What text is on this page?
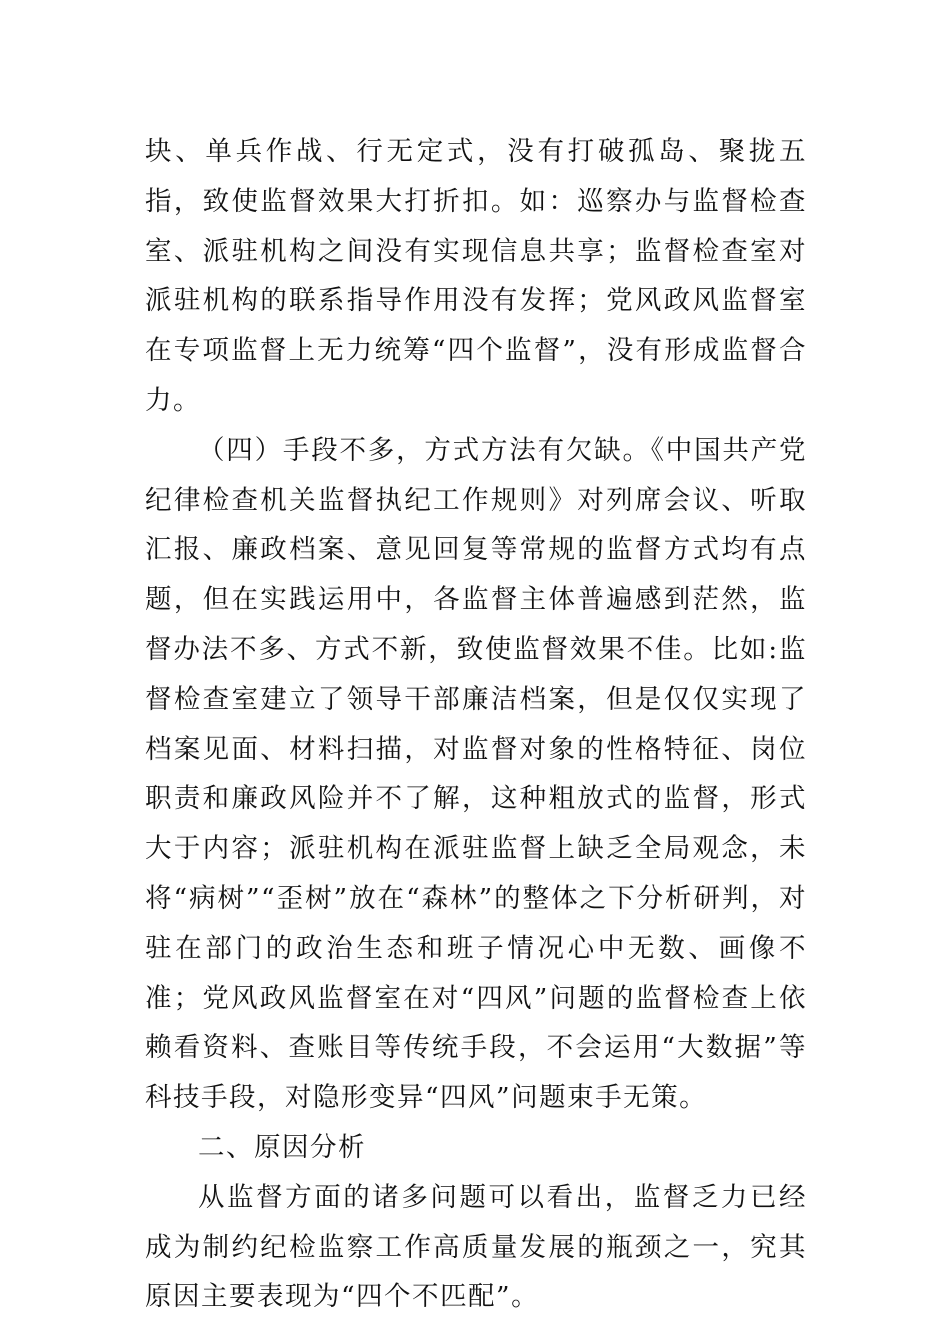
块、单兵作战、行无定式，没有打破孤岛、聚拢五指，致使监督效果大打折扣。如：巡察办与监督检查室、派驻机构之间没有实现信息共享；监督检查室对派驻机构的联系指导作用没有发挥；党风政风监督室在专项监督上无力统筹“四个监督”，没有形成监督合力。

（四）手段不多，方式方法有欠缺。《中国共产党纪律检查机关监督执纪工作规则》对列席会议、听取汇报、廉政档案、意见回复等常规的监督方式均有点题，但在实践运用中，各监督主体普遍感到茫然，监督办法不多、方式不新，致使监督效果不佳。比如:监督检查室建立了领导干部廉洁档案，但是仅仅实现了档案见面、材料扫描，对监督对象的性格特征、岗位职责和廉政风险并不了解，这种粗放式的监督，形式大于内容；派驻机构在派驻监督上缺乏全局观念，未将“病树”“歪树”放在“森林”的整体之下分析研判，对驻在部门的政治生态和班子情况心中无数、画像不准；党风政风监督室在对“四风”问题的监督检查上依赖看资料、查账目等传统手段，不会运用“大数据”等科技手段，对隐形变异“四风”问题束手无策。

二、原因分析

从监督方面的诸多问题可以看出，监督乏力已经成为制约纪检监察工作高质量发展的瓶颈之一，究其原因主要表现为“四个不匹配”。
